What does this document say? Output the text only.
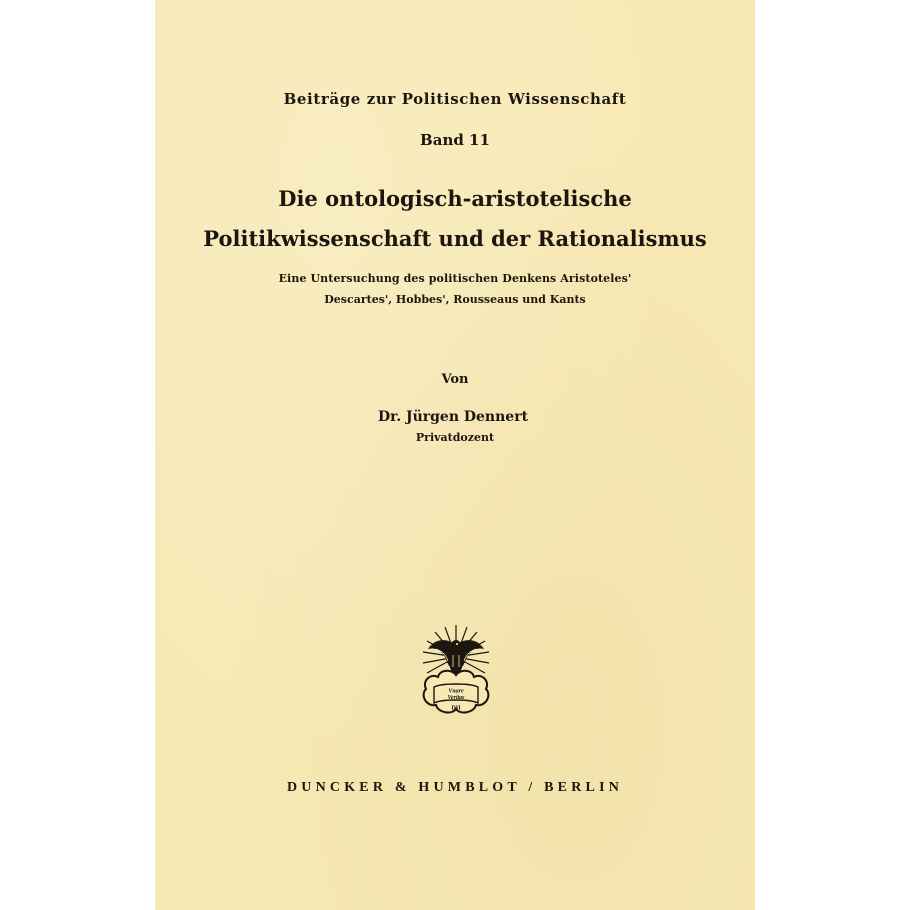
Beiträge zur Politischen Wissenschaft
Band 11
Die ontologisch-aristotelische
Politikwissenschaft und der Rationalismus
Eine Untersuchung des politischen Denkens Aristoteles'
Descartes', Hobbes', Rousseaus und Kants
Von
Dr. Jürgen Dennert
Privatdozent
Vnare
Veritas
DH
DUNCKER & HUMBLOT / BERLIN
